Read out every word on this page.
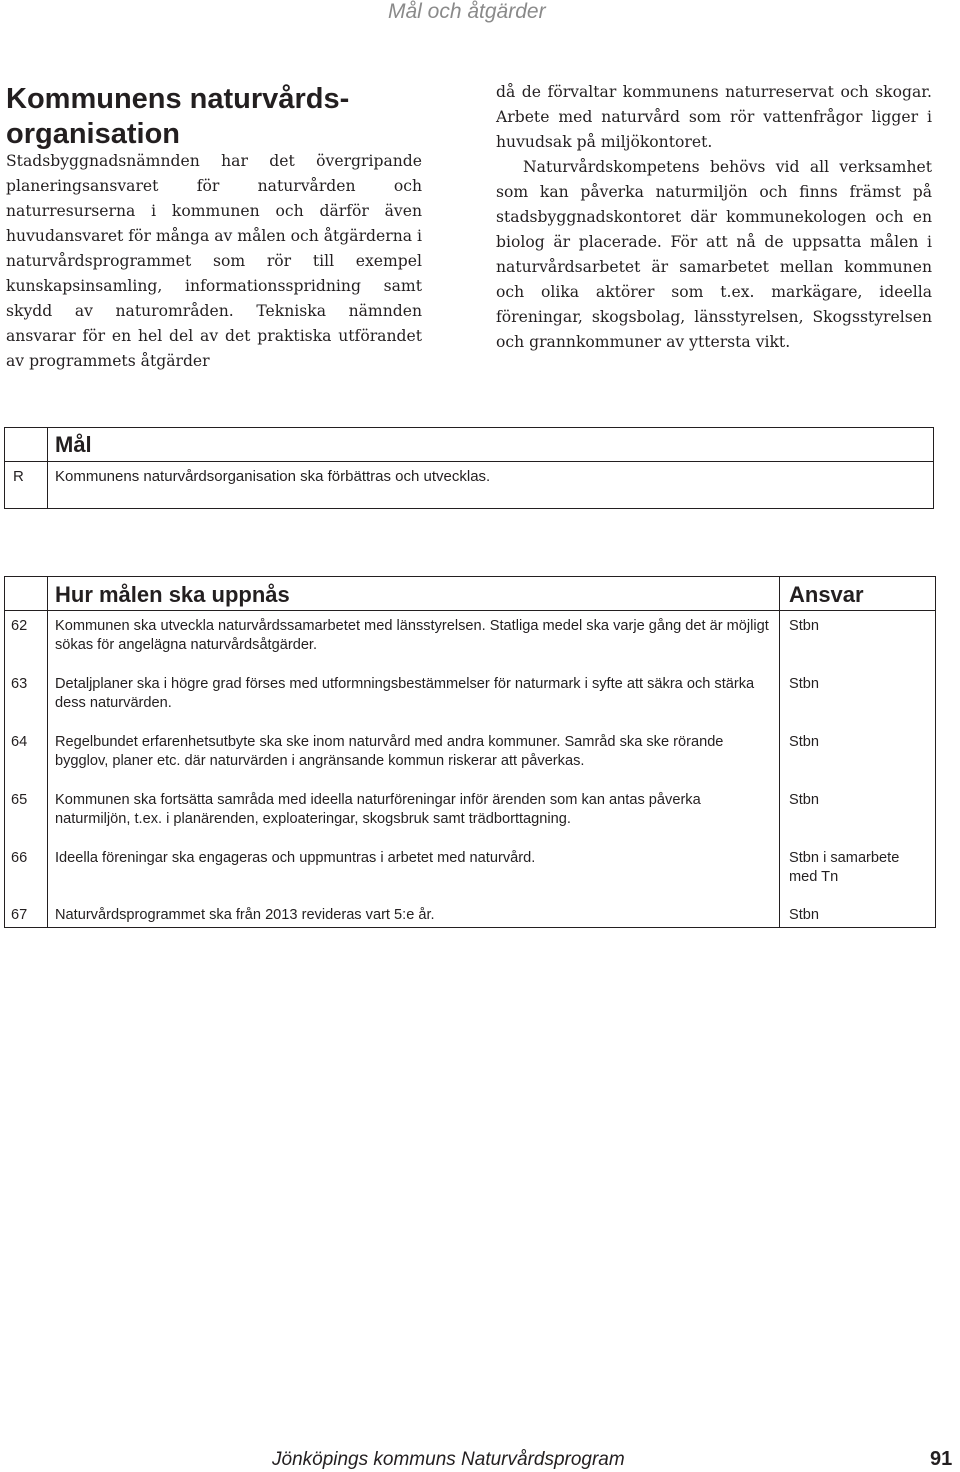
Mål och åtgärder
Kommunens naturvårds-
organisation

Stadsbyggnadsnämnden har det övergripande planeringsansvaret för naturvården och naturresurserna i kommunen och därför även huvudansvaret för många av målen och åtgärderna i naturvårdsprogrammet som rör till exempel kunskapsinsamling, informationsspridning samt skydd av naturområden. Tekniska nämnden ansvarar för en hel del av det praktiska utförandet av programmets åtgärder

då de förvaltar kommunens naturreservat och skogar. Arbete med naturvård som rör vattenfrågor ligger i huvudsak på miljökontoret.

Naturvårdskompetens behövs vid all verksamhet som kan påverka naturmiljön och finns främst på stadsbyggnadskontoret där kommunekologen och en biolog är placerade. För att nå de uppsatta målen i naturvårdsarbetet är samarbetet mellan kommunen och olika aktörer som t.ex. markägare, ideella föreningar, skogsbolag, länsstyrelsen, Skogsstyrelsen och grannkommuner av yttersta vikt.

Mål
R Kommunens naturvårdsorganisation ska förbättras och utvecklas.
Hur målen ska uppnås	Ansvar
62 Kommunen ska utveckla naturvårdssamarbetet med länsstyrelsen. Statliga medel ska varje gång det är möjligt sökas för angelägna naturvårdsåtgärder.
Stbn
63 Detaljplaner ska i högre grad förses med utformningsbestämmelser för naturmark i syfte att säkra och stärka dess naturvärden.
Stbn
64 Regelbundet erfarenhetsutbyte ska ske inom naturvård med andra kommuner. Samråd ska ske rörande bygglov, planer etc. där naturvärden i angränsande kommun riskerar att påverkas.
Stbn
65 Kommunen ska fortsätta samråda med ideella naturföreningar inför ärenden som kan antas påverka naturmiljön, t.ex. i planärenden, exploateringar, skogsbruk samt trädborttagning.
Stbn
66 Ideella föreningar ska engageras och uppmuntras i arbetet med naturvård.	Stbn i samarbete med Tn
67 Naturvårdsprogrammet ska från 2013 revideras vart 5:e år.	Stbn
Jönköpings kommuns Naturvårdsprogram	91
